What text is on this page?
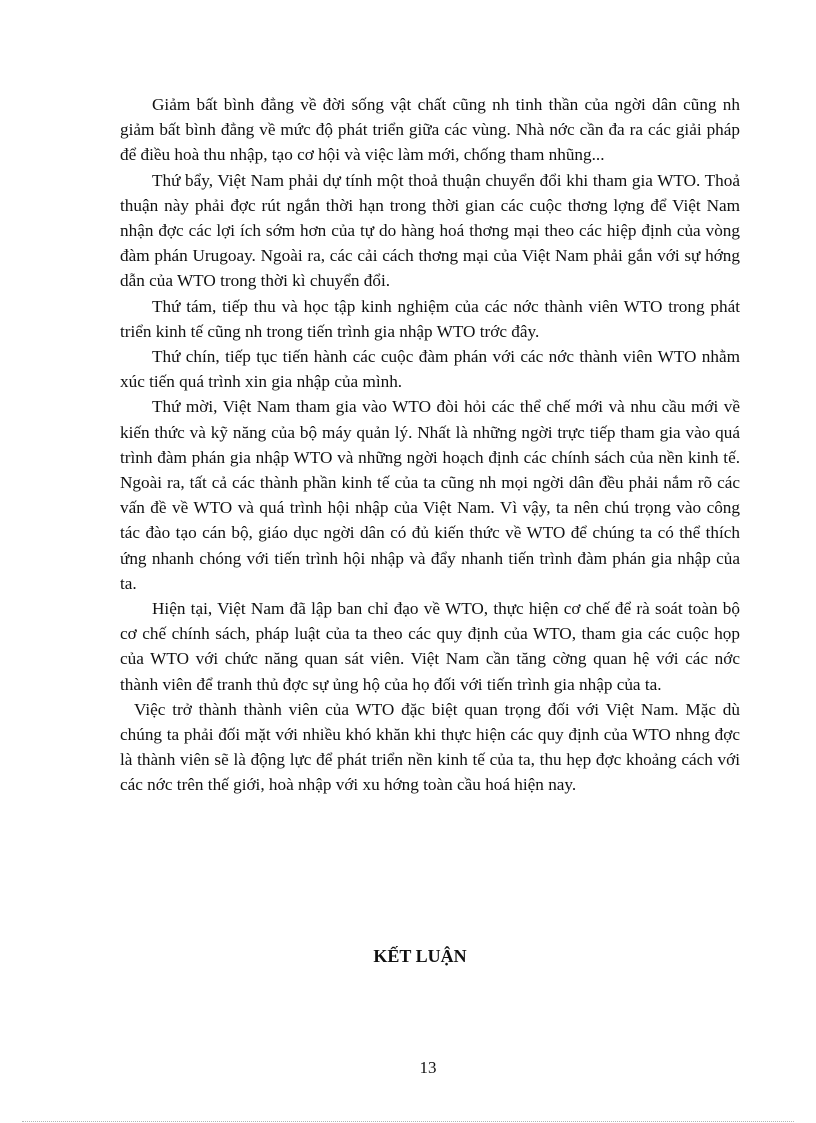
Giảm bất bình đẳng về đời sống vật chất cũng nh tinh thần của ngời dân cũng nh giảm bất bình đẳng về mức độ phát triển giữa các vùng. Nhà nớc cần đa ra các giải pháp để điều hoà thu nhập, tạo cơ hội và việc làm mới, chống tham nhũng...

Thứ bẩy, Việt Nam phải dự tính một thoả thuận chuyển đổi khi tham gia WTO. Thoả thuận này phải đợc rút ngắn thời hạn trong thời gian các cuộc thơng lợng để Việt Nam nhận đợc các lợi ích sớm hơn của tự do hàng hoá thơng mại theo các hiệp định của vòng đàm phán Urugoay. Ngoài ra, các cải cách thơng mại của Việt Nam phải gắn với sự hớng dẫn của WTO trong thời kì chuyển đổi.

Thứ tám, tiếp thu và học tập kinh nghiệm của các nớc thành viên WTO trong phát triển kinh tế cũng nh trong tiến trình gia nhập WTO trớc đây.

Thứ chín, tiếp tục tiến hành các cuộc đàm phán với các nớc thành viên WTO nhằm xúc tiến quá trình xin gia nhập của mình.

Thứ mời, Việt Nam tham gia vào WTO đòi hỏi các thể chế mới và nhu cầu mới về kiến thức và kỹ năng của bộ máy quản lý. Nhất là những ngời trực tiếp tham gia vào quá trình đàm phán gia nhập WTO và những ngời hoạch định các chính sách của nền kinh tế. Ngoài ra, tất cả các thành phần kinh tế của ta cũng nh mọi ngời dân đều phải nắm rõ các vấn đề về WTO và quá trình hội nhập của Việt Nam. Vì vậy, ta nên chú trọng vào công tác đào tạo cán bộ, giáo dục ngời dân có đủ kiến thức về WTO để chúng ta có thể thích ứng nhanh chóng với tiến trình hội nhập và đẩy nhanh tiến trình đàm phán gia nhập của ta.

Hiện tại, Việt Nam đã lập ban chỉ đạo về WTO, thực hiện cơ chế để rà soát toàn bộ cơ chế chính sách, pháp luật của ta theo các quy định của WTO, tham gia các cuộc họp của WTO với chức năng quan sát viên. Việt Nam cần tăng cờng quan hệ với các nớc thành viên để tranh thủ đợc sự ủng hộ của họ đối với tiến trình gia nhập của ta.

Việc trở thành thành viên của WTO đặc biệt quan trọng đối với Việt Nam. Mặc dù chúng ta phải đối mặt với nhiều khó khăn khi thực hiện các quy định của WTO nhng đợc là thành viên sẽ là động lực để phát triển nền kinh tế của ta, thu hẹp đợc khoảng cách với các nớc trên thế giới, hoà nhập với xu hớng toàn cầu hoá hiện nay.

KẾT LUẬN
13
